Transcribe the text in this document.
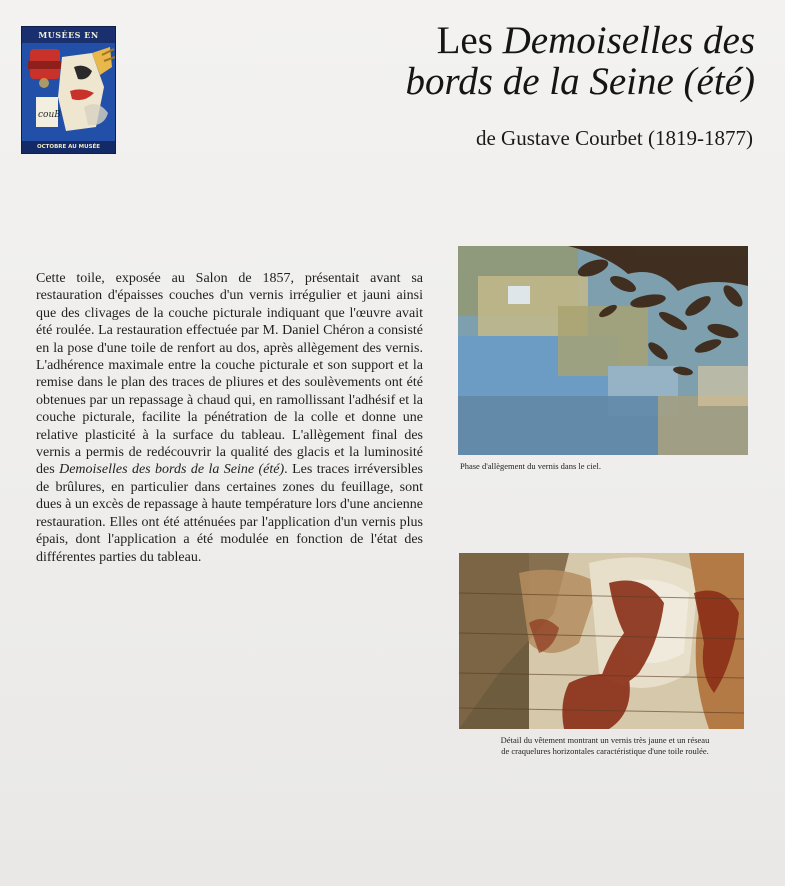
MUSÉES EN
couB
OCTOBRE AU MUSÉE
Les Demoiselles des
bords de la Seine (été)
de Gustave Courbet (1819-1877)
Cette toile, exposée au Salon de 1857, présentait avant sa restauration d'épaisses couches d'un vernis irrégulier et jauni ainsi que des clivages de la couche picturale indiquant que l'œuvre avait été roulée. La restauration effectuée par M. Daniel Chéron a consisté en la pose d'une toile de renfort au dos, après allègement des vernis. L'adhérence maximale entre la couche picturale et son support et la remise dans le plan des traces de pliures et des soulèvements ont été obtenues par un repassage à chaud qui, en ramollissant l'adhésif et la couche picturale, facilite la pénétration de la colle et donne une relative plasticité à la surface du tableau. L'allègement final des vernis a permis de redécouvrir la qualité des glacis et la luminosité des Demoiselles des bords de la Seine (été). Les traces irréversibles de brûlures, en particulier dans certaines zones du feuillage, sont dues à un excès de repassage à haute température lors d'une ancienne restauration. Elles ont été atténuées par l'application d'un vernis plus épais, dont l'application a été modulée en fonction de l'état des différentes parties du tableau.
Phase d'allègement du vernis dans le ciel.
Détail du vêtement montrant un vernis très jaune et un réseau
de craquelures horizontales caractéristique d'une toile roulée.
